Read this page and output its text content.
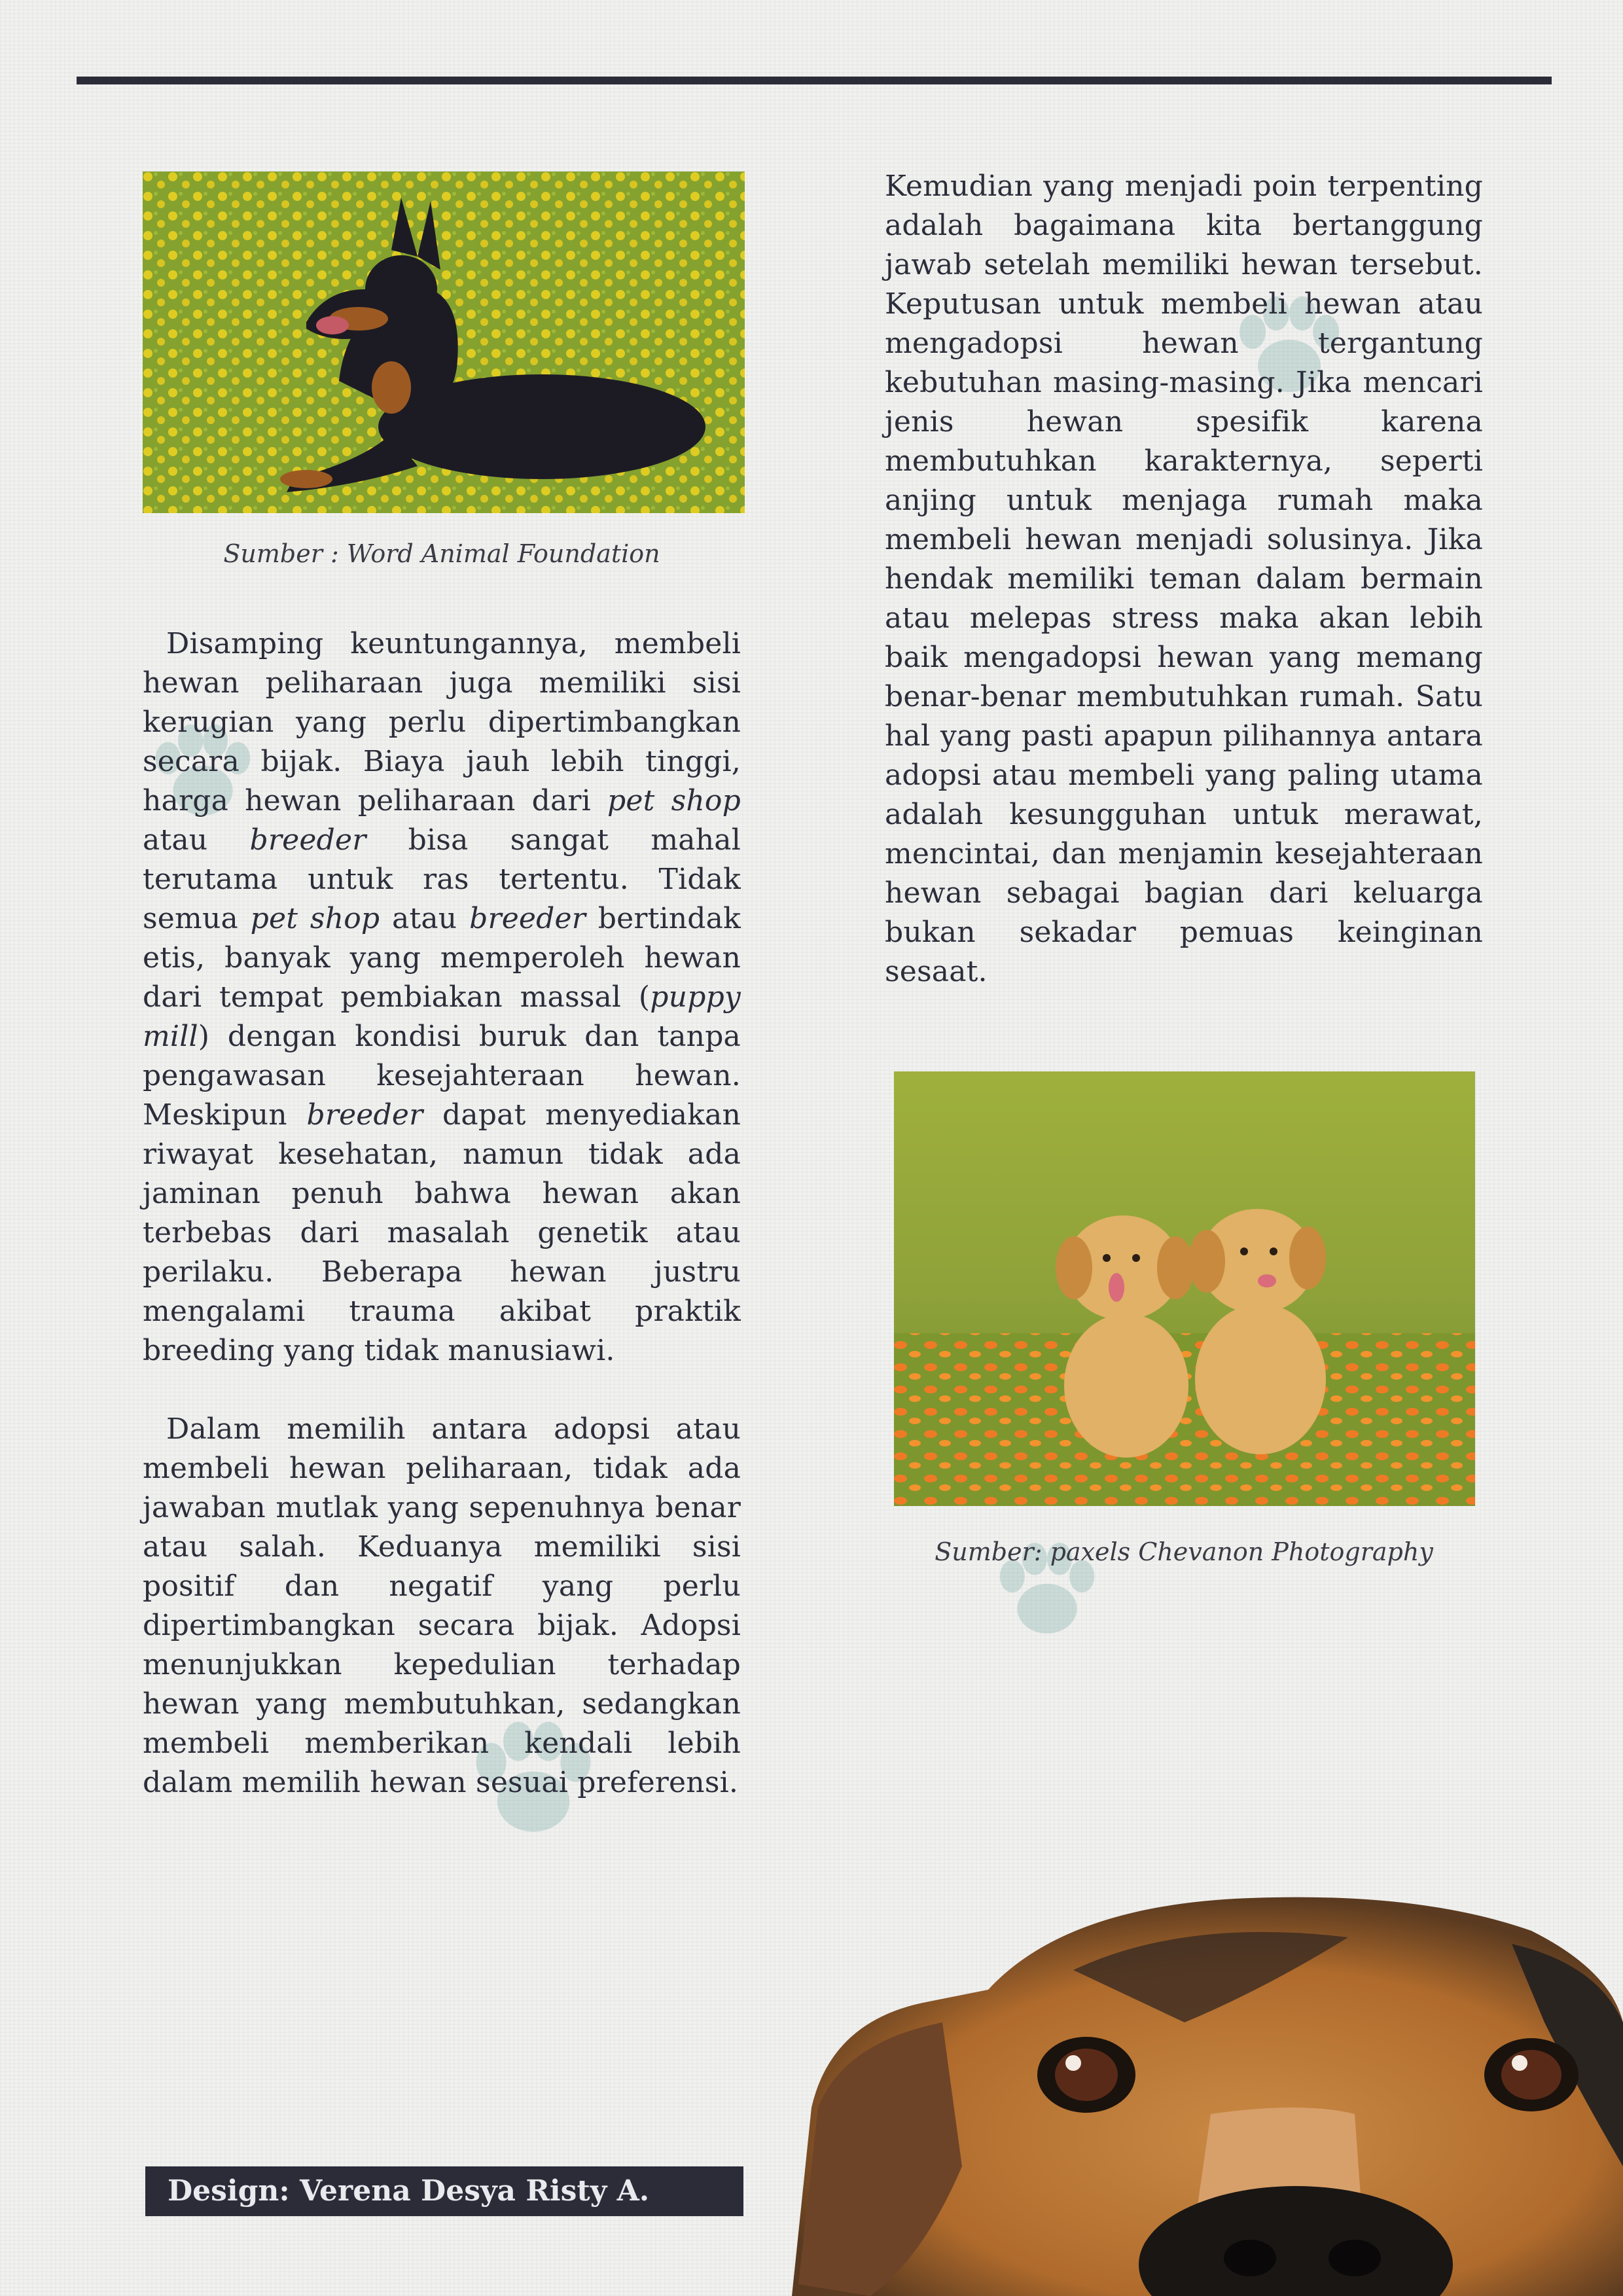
Sumber : Word Animal Foundation

Disamping keuntungannya, membeli hewan peliharaan juga memiliki sisi kerugian yang perlu dipertimbangkan secara bijak. Biaya jauh lebih tinggi, harga hewan peliharaan dari pet shop atau breeder bisa sangat mahal terutama untuk ras tertentu. Tidak semua pet shop atau breeder bertindak etis, banyak yang memperoleh hewan dari tempat pembiakan massal (puppy mill) dengan kondisi buruk dan tanpa pengawasan kesejahteraan hewan. Meskipun breeder dapat menyediakan riwayat kesehatan, namun tidak ada jaminan penuh bahwa hewan akan terbebas dari masalah genetik atau perilaku. Beberapa hewan justru mengalami trauma akibat praktik breeding yang tidak manusiawi.

Dalam memilih antara adopsi atau membeli hewan peliharaan, tidak ada jawaban mutlak yang sepenuhnya benar atau salah. Keduanya memiliki sisi positif dan negatif yang perlu dipertimbangkan secara bijak. Adopsi menunjukkan kepedulian terhadap hewan yang membutuhkan, sedangkan membeli memberikan kendali lebih dalam memilih hewan sesuai preferensi.

Kemudian yang menjadi poin terpenting adalah bagaimana kita bertanggung jawab setelah memiliki hewan tersebut. Keputusan untuk membeli hewan atau mengadopsi hewan tergantung kebutuhan masing-masing. Jika mencari jenis hewan spesifik karena membutuhkan karakternya, seperti anjing untuk menjaga rumah maka membeli hewan menjadi solusinya. Jika hendak memiliki teman dalam bermain atau melepas stress maka akan lebih baik mengadopsi hewan yang memang benar-benar membutuhkan rumah. Satu hal yang pasti apapun pilihannya antara adopsi atau membeli yang paling utama adalah kesungguhan untuk merawat, mencintai, dan menjamin kesejahteraan hewan sebagai bagian dari keluarga bukan sekadar pemuas keinginan sesaat.

Sumber: paxels Chevanon Photography

Design: Verena Desya Risty A.
